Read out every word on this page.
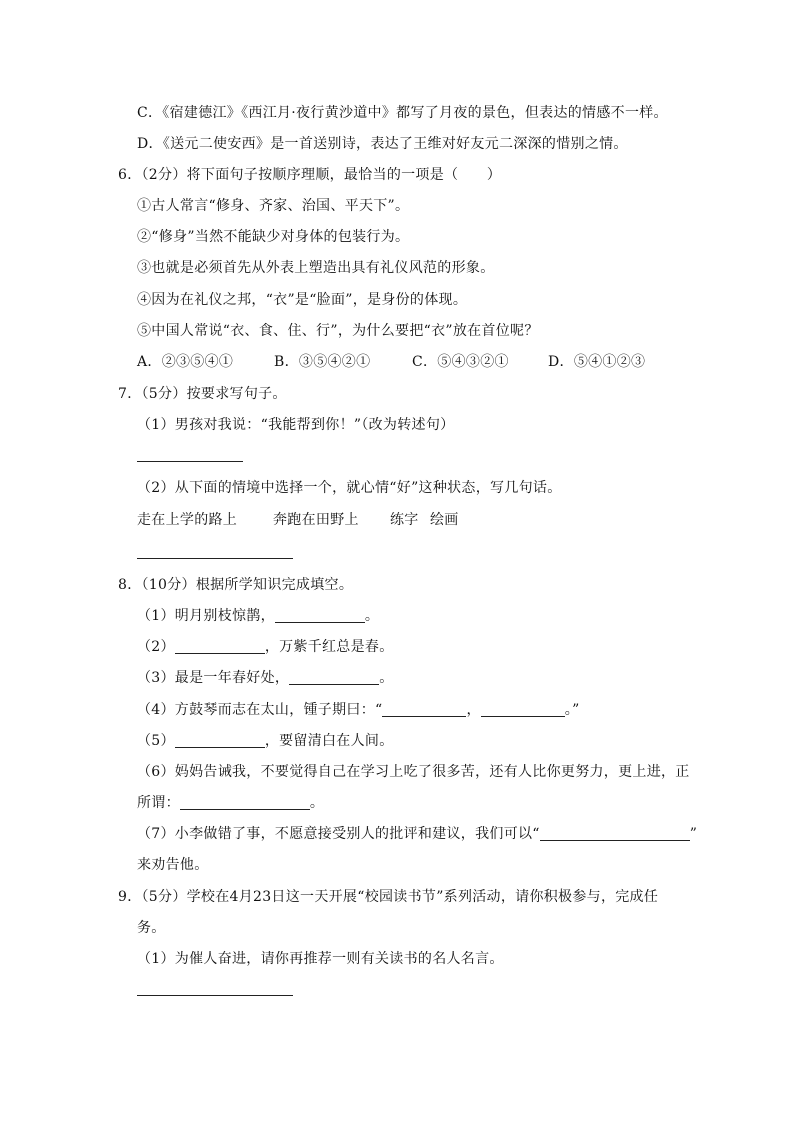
C．《宿建德江》《西江月·夜行黄沙道中》都写了月夜的景色，但表达的情感不一样。
D．《送元二使安西》是一首送别诗，表达了王维对好友元二深深的惜别之情。
6．（2分）将下面句子按顺序理顺，最恰当的一项是（　　）
①古人常言“修身、齐家、治国、平天下”。
②“修身”当然不能缺少对身体的包装行为。
③也就是必须首先从外表上塑造出具有礼仪风范的形象。
④因为在礼仪之邦，“衣”是“脸面”，是身份的体现。
⑤中国人常说“衣、食、住、行”，为什么要把“衣”放在首位呢？
A．②③⑤④①	B．③⑤④②①	C．⑤④③②①	D．⑤④①②③
7．（5分）按要求写句子。
（1）男孩对我说：“我能帮到你！”（改为转述句）
（2）从下面的情境中选择一个，就心情“好”这种状态，写几句话。
走在上学的路上	奔跑在田野上 练字 绘画
8．（10分）根据所学知识完成填空。
（1）明月别枝惊鹊，	。
（2）	，万紫千红总是春。
（3）最是一年春好处，	。
（4）方鼓琴而志在太山，锺子期曰：“	，	。”
（5）	，要留清白在人间。
（6）妈妈告诫我，不要觉得自己在学习上吃了很多苦，还有人比你更努力，更上进，正
所谓：	。
（7）小李做错了事，不愿意接受别人的批评和建议，我们可以“	”
来劝告他。
9．（5分）学校在4月23日这一天开展“校园读书节”系列活动，请你积极参与，完成任
务。
（1）为催人奋进，请你再推荐一则有关读书的名人名言。
